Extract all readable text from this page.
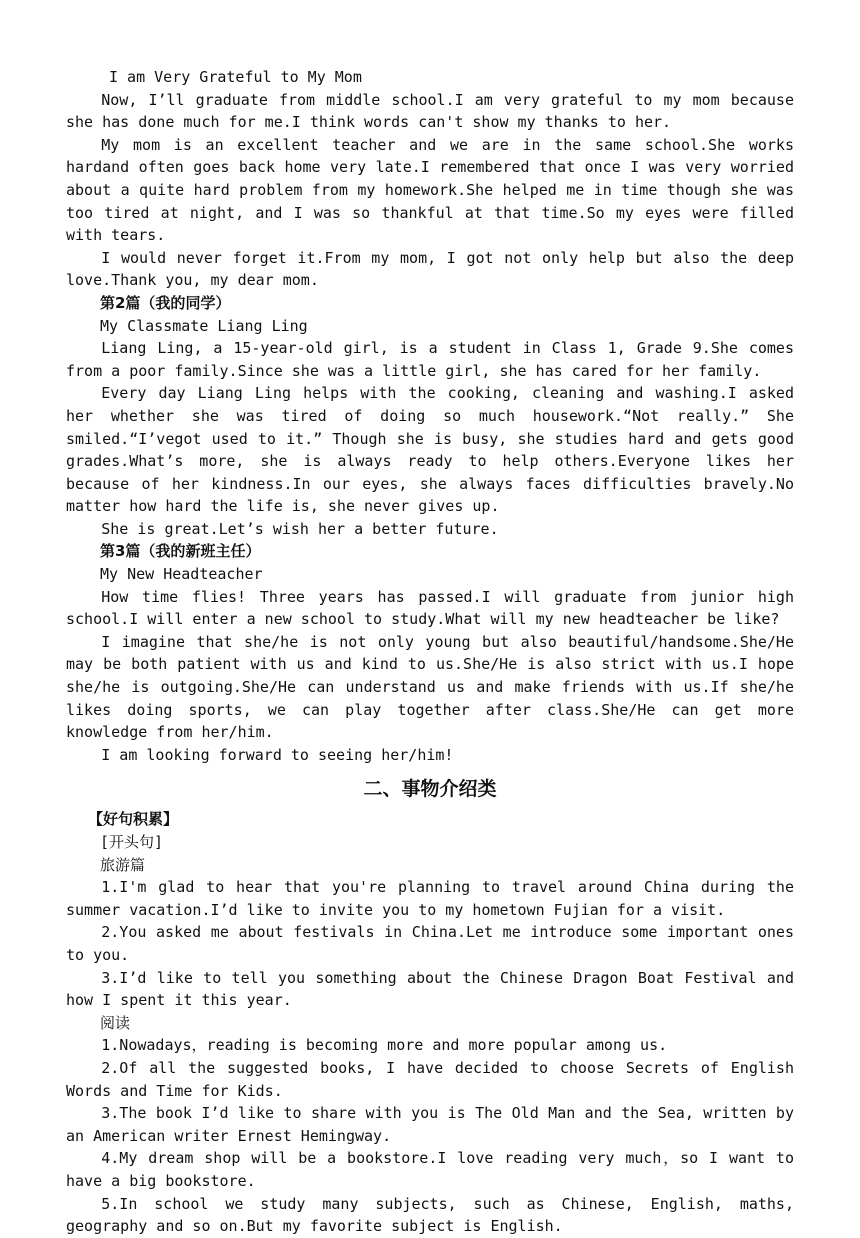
I am Very Grateful to My Mom

Now, I’ll graduate from middle school.I am very grateful to my mom because she has done much for me.I think words can't show my thanks to her.

My mom is an excellent teacher and we are in the same school.She works hardand often goes back home very late.I remembered that once I was very worried about a quite hard problem from my homework.She helped me in time though she was too tired at night, and I was so thankful at that time.So my eyes were filled with tears.

I would never forget it.From my mom, I got not only help but also the deep love.Thank you, my dear mom.

第2篇（我的同学）

My Classmate Liang Ling

Liang Ling, a 15-year-old girl, is a student in Class 1, Grade 9.She comes from a poor family.Since she was a little girl, she has cared for her family.

Every day Liang Ling helps with the cooking, cleaning and washing.I asked her whether she was tired of doing so much housework.“Not really.” She smiled.“I’vegot used to it.” Though she is busy, she studies hard and gets good grades.What’s more, she is always ready to help others.Everyone likes her because of her kindness.In our eyes, she always faces difficulties bravely.No matter how hard the life is, she never gives up.

She is great.Let’s wish her a better future.

第3篇（我的新班主任）

My New Headteacher

How time flies! Three years has passed.I will graduate from junior high school.I will enter a new school to study.What will my new headteacher be like?

I imagine that she/he is not only young but also beautiful/handsome.She/He may be both patient with us and kind to us.She/He is also strict with us.I hope she/he is outgoing.She/He can understand us and make friends with us.If she/he likes doing sports, we can play together after class.She/He can get more knowledge from her/him.

I am looking forward to seeing her/him!

二、事物介绍类

【好句积累】

[开头句]

旅游篇

1.I'm glad to hear that you're planning to travel around China during the summer vacation.I’d like to invite you to my hometown Fujian for a visit.

2.You asked me about festivals in China.Let me introduce some important ones to you.

3.I’d like to tell you something about the Chinese Dragon Boat Festival and how I spent it this year.

阅读

1.Nowadays，reading is becoming more and more popular among us.

2.Of all the suggested books, I have decided to choose Secrets of English Words and Time for Kids.

3.The book I’d like to share with you is The Old Man and the Sea, written by an American writer Ernest Hemingway.

4.My dream shop will be a bookstore.I love reading very much，so I want to have a big bookstore.

5.In school we study many subjects, such as Chinese, English, maths, geography and so on.But my favorite subject is English.
